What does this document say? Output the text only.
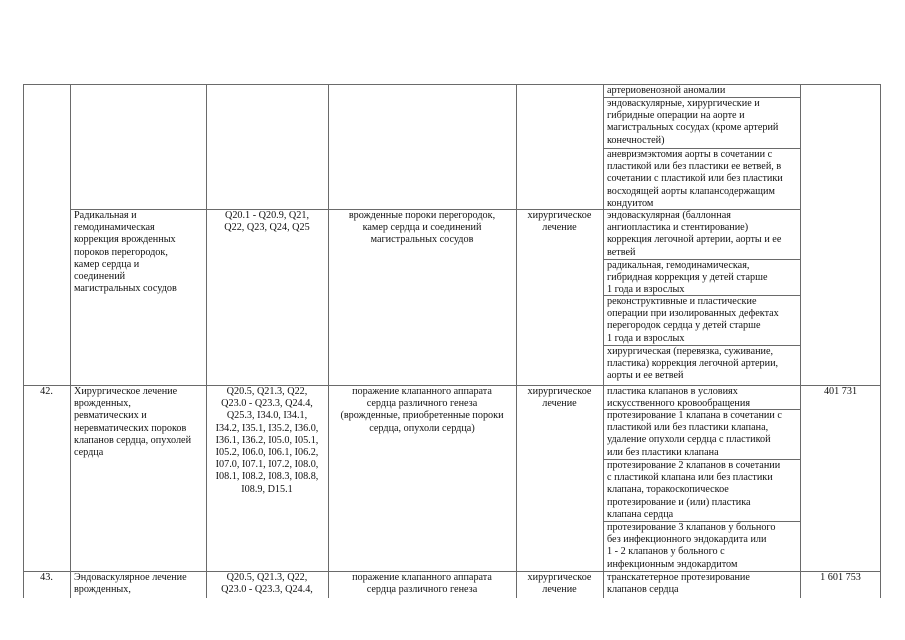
артериовенозной аномалии
эндоваскулярные, хирургические и
гибридные операции на аорте и
магистральных сосудах (кроме артерий
конечностей)
аневризмэктомия аорты в сочетании с
пластикой или без пластики ее ветвей, в
сочетании с пластикой или без пластики
восходящей аорты клапансодержащим
кондуитом
Радикальная и
гемодинамическая
коррекция врожденных
пороков перегородок,
камер сердца и
соединений
магистральных сосудов
Q20.1 - Q20.9, Q21,
Q22, Q23, Q24, Q25
врожденные пороки перегородок,
камер сердца и соединений
магистральных сосудов
хирургическое
лечение
эндоваскулярная (баллонная
ангиопластика и стентирование)
коррекция легочной артерии, аорты и ее
ветвей
радикальная, гемодинамическая,
гибридная коррекция у детей старше
1 года и взрослых
реконструктивные и пластические
операции при изолированных дефектах
перегородок сердца у детей старше
1 года и взрослых
хирургическая (перевязка, суживание,
пластика) коррекция легочной артерии,
аорты и ее ветвей
42.	Хирургическое лечение
врожденных,
ревматических и
неревматических пороков
клапанов сердца, опухолей
сердца
Q20.5, Q21.3, Q22,
Q23.0 - Q23.3, Q24.4,
Q25.3, I34.0, I34.1,
I34.2, I35.1, I35.2, I36.0,
I36.1, I36.2, I05.0, I05.1,
I05.2, I06.0, I06.1, I06.2,
I07.0, I07.1, I07.2, I08.0,
I08.1, I08.2, I08.3, I08.8,
I08.9, D15.1
поражение клапанного аппарата
сердца различного генеза
(врожденные, приобретенные пороки
сердца, опухоли сердца)
хирургическое
лечение
пластика клапанов в условиях
искусственного кровообращения
протезирование 1 клапана в сочетании с
пластикой или без пластики клапана,
удаление опухоли сердца с пластикой
или без пластики клапана
протезирование 2 клапанов в сочетании
с пластикой клапана или без пластики
клапана, торакоскопическое
протезирование и (или) пластика
клапана сердца
протезирование 3 клапанов у больного
без инфекционного эндокардита или
1 - 2 клапанов у больного с
инфекционным эндокардитом
401 731
43.	Эндоваскулярное лечение
врожденных,
Q20.5, Q21.3, Q22,
Q23.0 - Q23.3, Q24.4,
поражение клапанного аппарата
сердца различного генеза
хирургическое
лечение
транскатетерное протезирование
клапанов сердца
1 601 753
